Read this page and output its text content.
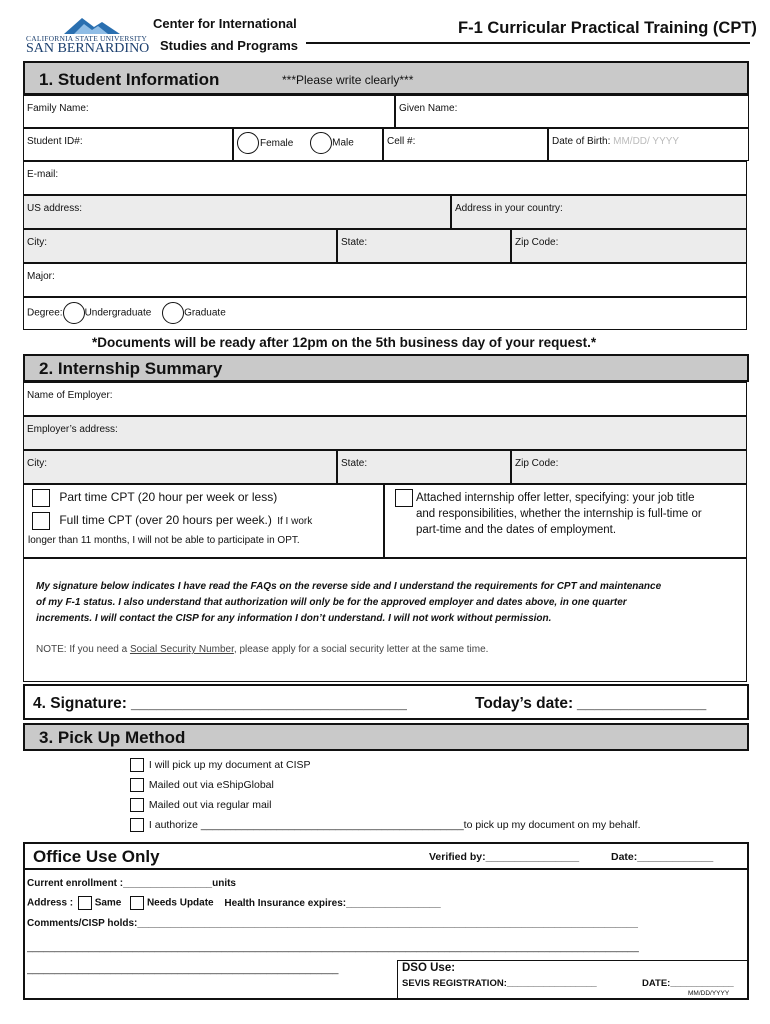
CALIFORNIA STATE UNIVERSITY
SAN BERNARDINO
Center for International
Studies and Programs
F-1 Curricular Practical Training (CPT)
1. Student Information	***Please write clearly***
Family Name:	Given Name:
Student ID#:	Female	Male	Cell #:	Date of Birth: MM/DD/ YYYY
E-mail:
US address:	Address in your country:
City:	State:	Zip Code:
Major:
Degree: Undergraduate	Graduate
*Documents will be ready after 12pm on the 5th business day of your request.*
2. Internship Summary
Name of Employer:
Employer’s address:
City:	State:	Zip Code:
Part time CPT (20 hour per week or less)
Full time CPT (over 20 hours per week.) If I work
longer than 11 months, I will not be able to participate in OPT.
Attached internship offer letter, specifying: your job title
and responsibilities, whether the internship is full-time or
part-time and the dates of employment.
My signature below indicates I have read the FAQs on the reverse side and I understand the requirements for CPT and maintenance
of my F-1 status. I also understand that authorization will only be for the approved employer and dates above, in one quarter
increments. I will contact the CISP for any information I don’t understand. I will not work without permission.
NOTE: If you need a Social Security Number, please apply for a social security letter at the same time.
4. Signature: ________________________________	Today’s date: _______________
3. Pick Up Method
I will pick up my document at CISP
Mailed out via eShipGlobal
Mailed out via regular mail
I authorize _____________________________________________to pick up my document on my behalf.
Office Use Only	Verified by:________________	Date:_____________
Current enrollment :________________units
Address : Same	Needs Update Health Insurance expires:_________________
Comments/CISP holds:__________________________________________________________________________________________
______________________________________________________________________________________________________________
________________________________________________________	DSO Use:
SEVIS REGISTRATION:_________________	DATE:____________
MM/DD/YYYY
